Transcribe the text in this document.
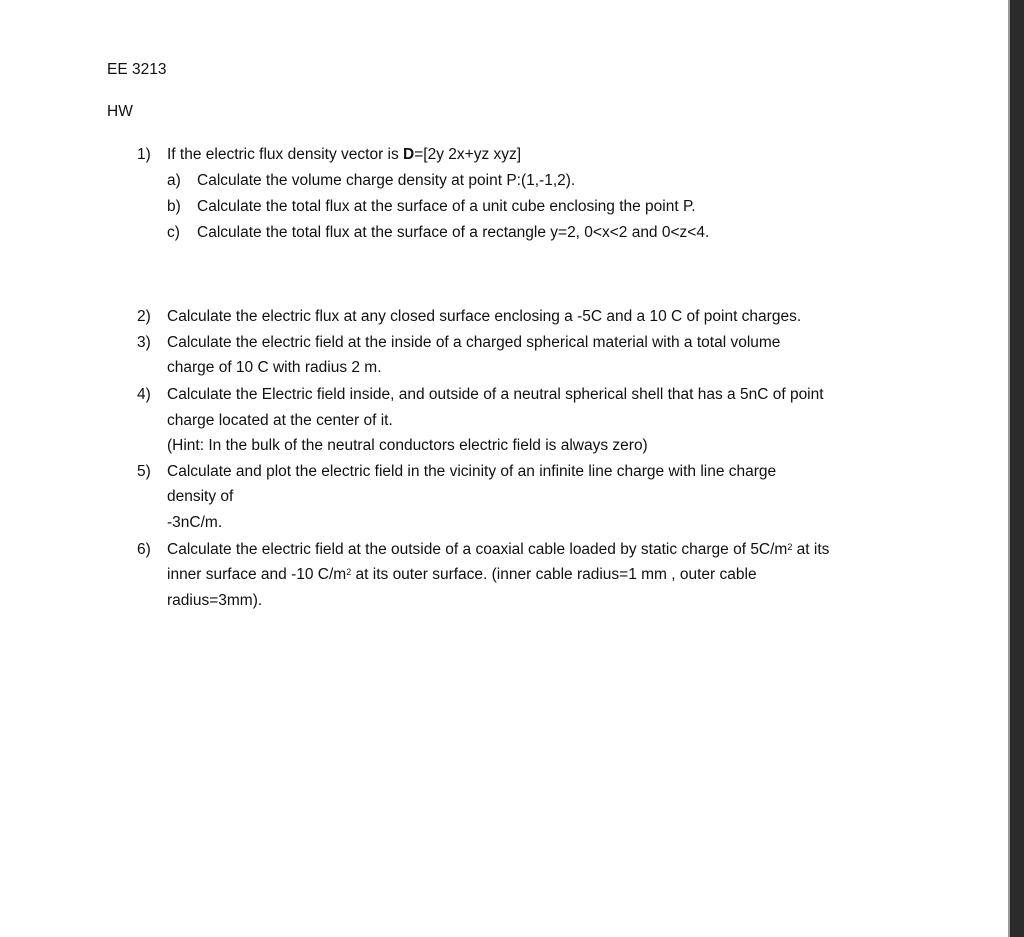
EE 3213
HW
1) If the electric flux density vector is D=[2y 2x+yz xyz]
a) Calculate the volume charge density at point P:(1,-1,2).
b) Calculate the total flux at the surface of a unit cube enclosing the point P.
c) Calculate the total flux at the surface of a rectangle y=2, 0<x<2 and 0<z<4.
2) Calculate the electric flux at any closed surface enclosing a -5C and a 10 C of point charges.
3) Calculate the electric field at the inside of a charged spherical material with a total volume
charge of 10 C with radius 2 m.
4) Calculate the Electric field inside, and outside of a neutral spherical shell that has a 5nC of point
charge located at the center of it.
(Hint: In the bulk of the neutral conductors electric field is always zero)
5) Calculate and plot the electric field in the vicinity of an infinite line charge with line charge
density of
-3nC/m.
6) Calculate the electric field at the outside of a coaxial cable loaded by static charge of $5C/m^2$ at its
inner surface and -10 $C/m^2$ at its outer surface. (inner cable radius=1 mm , outer cable
radius=3mm).
